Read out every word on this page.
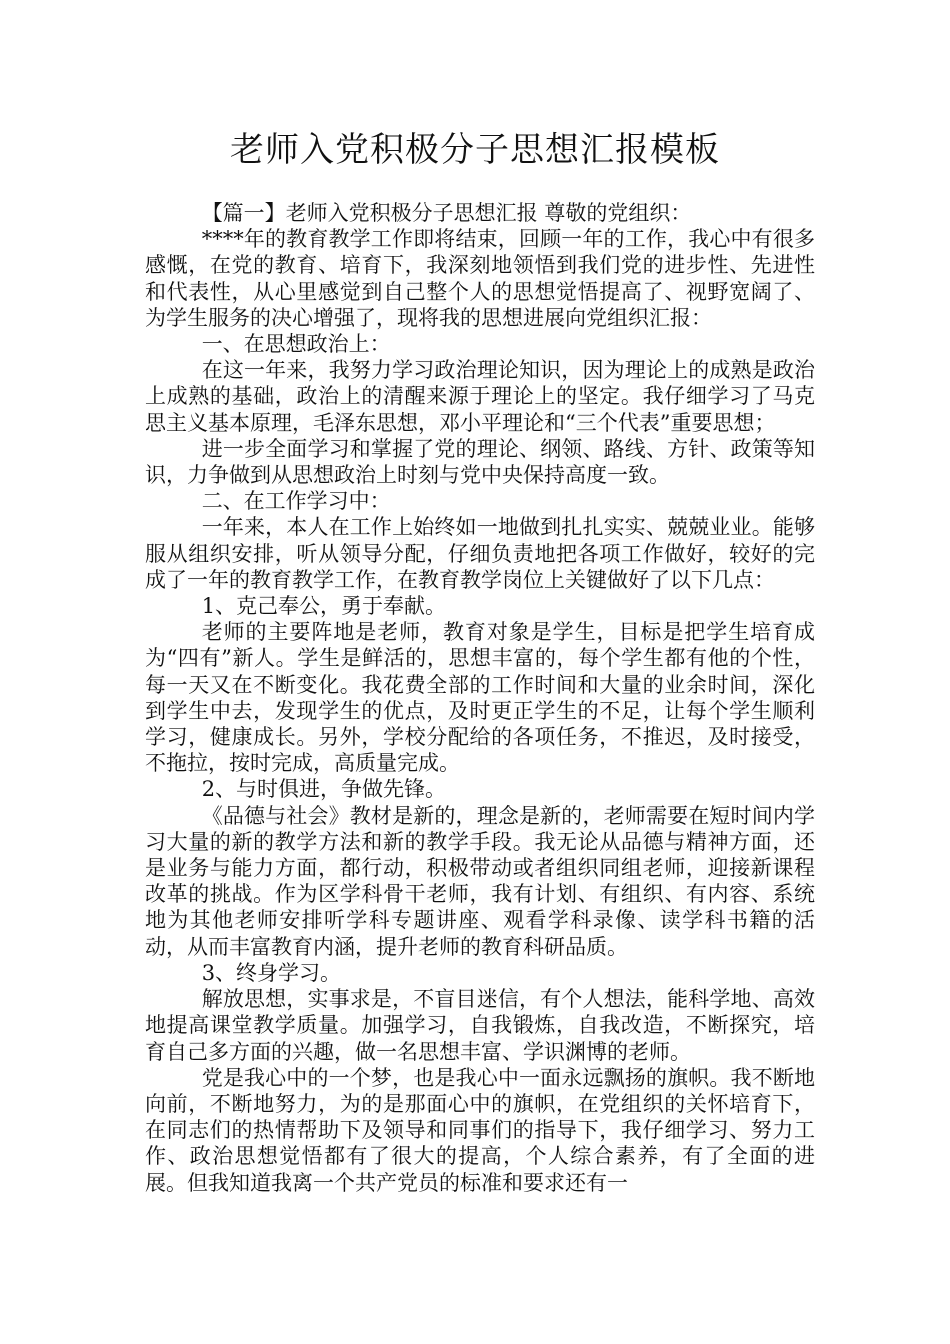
老师入党积极分子思想汇报模板

【篇一】老师入党积极分子思想汇报 尊敬的党组织：

****年的教育教学工作即将结束，回顾一年的工作，我心中有很多感慨，在党的教育、培育下，我深刻地领悟到我们党的进步性、先进性和代表性，从心里感觉到自己整个人的思想觉悟提高了、视野宽阔了、为学生服务的决心增强了，现将我的思想进展向党组织汇报：

一、在思想政治上：

在这一年来，我努力学习政治理论知识，因为理论上的成熟是政治上成熟的基础，政治上的清醒来源于理论上的坚定。我仔细学习了马克思主义基本原理，毛泽东思想，邓小平理论和“三个代表”重要思想；

进一步全面学习和掌握了党的理论、纲领、路线、方针、政策等知识，力争做到从思想政治上时刻与党中央保持高度一致。

二、在工作学习中：

一年来，本人在工作上始终如一地做到扎扎实实、兢兢业业。能够服从组织安排，听从领导分配，仔细负责地把各项工作做好，较好的完成了一年的教育教学工作，在教育教学岗位上关键做好了以下几点：

1、克己奉公，勇于奉献。

老师的主要阵地是老师，教育对象是学生，目标是把学生培育成为“四有”新人。学生是鲜活的，思想丰富的，每个学生都有他的个性，每一天又在不断变化。我花费全部的工作时间和大量的业余时间，深化到学生中去，发现学生的优点，及时更正学生的不足，让每个学生顺利学习，健康成长。另外，学校分配给的各项任务，不推迟，及时接受，不拖拉，按时完成，高质量完成。

2、与时俱进，争做先锋。

《品德与社会》教材是新的，理念是新的，老师需要在短时间内学习大量的新的教学方法和新的教学手段。我无论从品德与精神方面，还是业务与能力方面，都行动，积极带动或者组织同组老师，迎接新课程改革的挑战。作为区学科骨干老师，我有计划、有组织、有内容、系统地为其他老师安排听学科专题讲座、观看学科录像、读学科书籍的活动，从而丰富教育内涵，提升老师的教育科研品质。

3、终身学习。

解放思想，实事求是，不盲目迷信，有个人想法，能科学地、高效地提高课堂教学质量。加强学习，自我锻炼，自我改造，不断探究，培育自己多方面的兴趣，做一名思想丰富、学识渊博的老师。

党是我心中的一个梦，也是我心中一面永远飘扬的旗帜。我不断地向前，不断地努力，为的是那面心中的旗帜，在党组织的关怀培育下，在同志们的热情帮助下及领导和同事们的指导下，我仔细学习、努力工作、政治思想觉悟都有了很大的提高，个人综合素养，有了全面的进展。但我知道我离一个共产党员的标准和要求还有一
